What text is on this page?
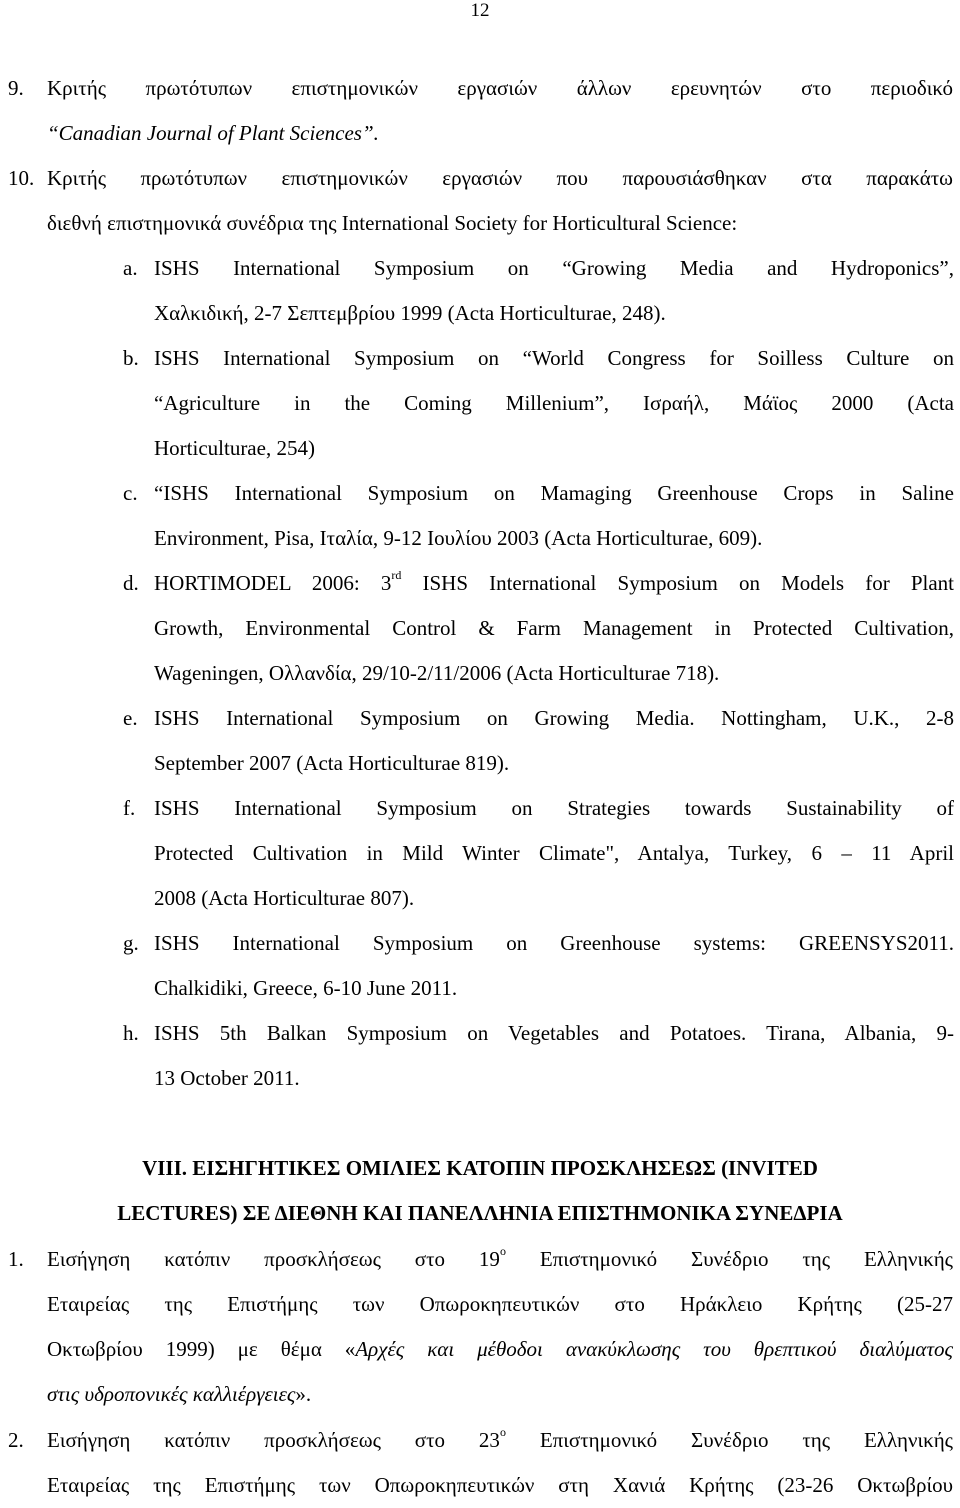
12
9. Κριτής πρωτότυπων επιστημονικών εργασιών άλλων ερευνητών στο περιοδικό
“Canadian Journal of Plant Sciences”.
10. Κριτής πρωτότυπων επιστημονικών εργασιών που παρουσιάσθηκαν στα παρακάτω
διεθνή επιστημονικά συνέδρια της International Society for Horticultural Science:
a. ISHS International Symposium on “Growing Media and Hydroponics”,
Χαλκιδική, 2-7 Σεπτεμβρίου 1999 (Acta Horticulturae, 248).
b. ISHS International Symposium on “World Congress for Soilless Culture on
“Agriculture in the Coming Millenium”, Ισραήλ, Μάϊος 2000 (Acta
Horticulturae, 254)
c. “ISHS International Symposium on Mamaging Greenhouse Crops in Saline
Environment, Pisa, Ιταλία, 9-12 Ιουλίου 2003 (Acta Horticulturae, 609).
d. HORTIMODEL 2006: 3rd ISHS International Symposium on Models for Plant
Growth, Environmental Control & Farm Management in Protected Cultivation,
Wageningen, Ολλανδία, 29/10-2/11/2006 (Acta Horticulturae 718).
e. ISHS International Symposium on Growing Media. Nottingham, U.K., 2-8
September 2007 (Acta Horticulturae 819).
f. ISHS International Symposium on Strategies towards Sustainability of
Protected Cultivation in Mild Winter Climate", Antalya, Turkey, 6 – 11 April
2008 (Acta Horticulturae 807).
g. ISHS International Symposium on Greenhouse systems: GREENSYS2011.
Chalkidiki, Greece, 6-10 June 2011.
h. ISHS 5th Balkan Symposium on Vegetables and Potatoes. Tirana, Albania, 9-
13 October 2011.
VIII. ΕΙΣΗΓΗΤΙΚΕΣ ΟΜΙΛΙΕΣ ΚΑΤΟΠΙΝ ΠΡΟΣΚΛΗΣΕΩΣ (INVITED
LECTURES) ΣΕ ΔΙΕΘΝΗ ΚΑΙ ΠΑΝΕΛΛΗΝΙΑ ΕΠΙΣΤΗΜΟΝΙΚΑ ΣΥΝΕΔΡΙΑ
1. Εισήγηση κατόπιν προσκλήσεως στο $19^o$ Επιστημονικό Συνέδριο της Ελληνικής
Εταιρείας της Επιστήμης των Οπωροκηπευτικών στο Ηράκλειο Κρήτης (25-27
Οκτωβρίου 1999) με θέμα «Αρχές και μέθοδοι ανακύκλωσης του θρεπτικού διαλύματος
στις υδροπονικές καλλιέργειες».
2. Εισήγηση κατόπιν προσκλήσεως στο $23^o$ Επιστημονικό Συνέδριο της Ελληνικής
Εταιρείας της Επιστήμης των Οπωροκηπευτικών στη Χανιά Κρήτης (23-26 Οκτωβρίου
